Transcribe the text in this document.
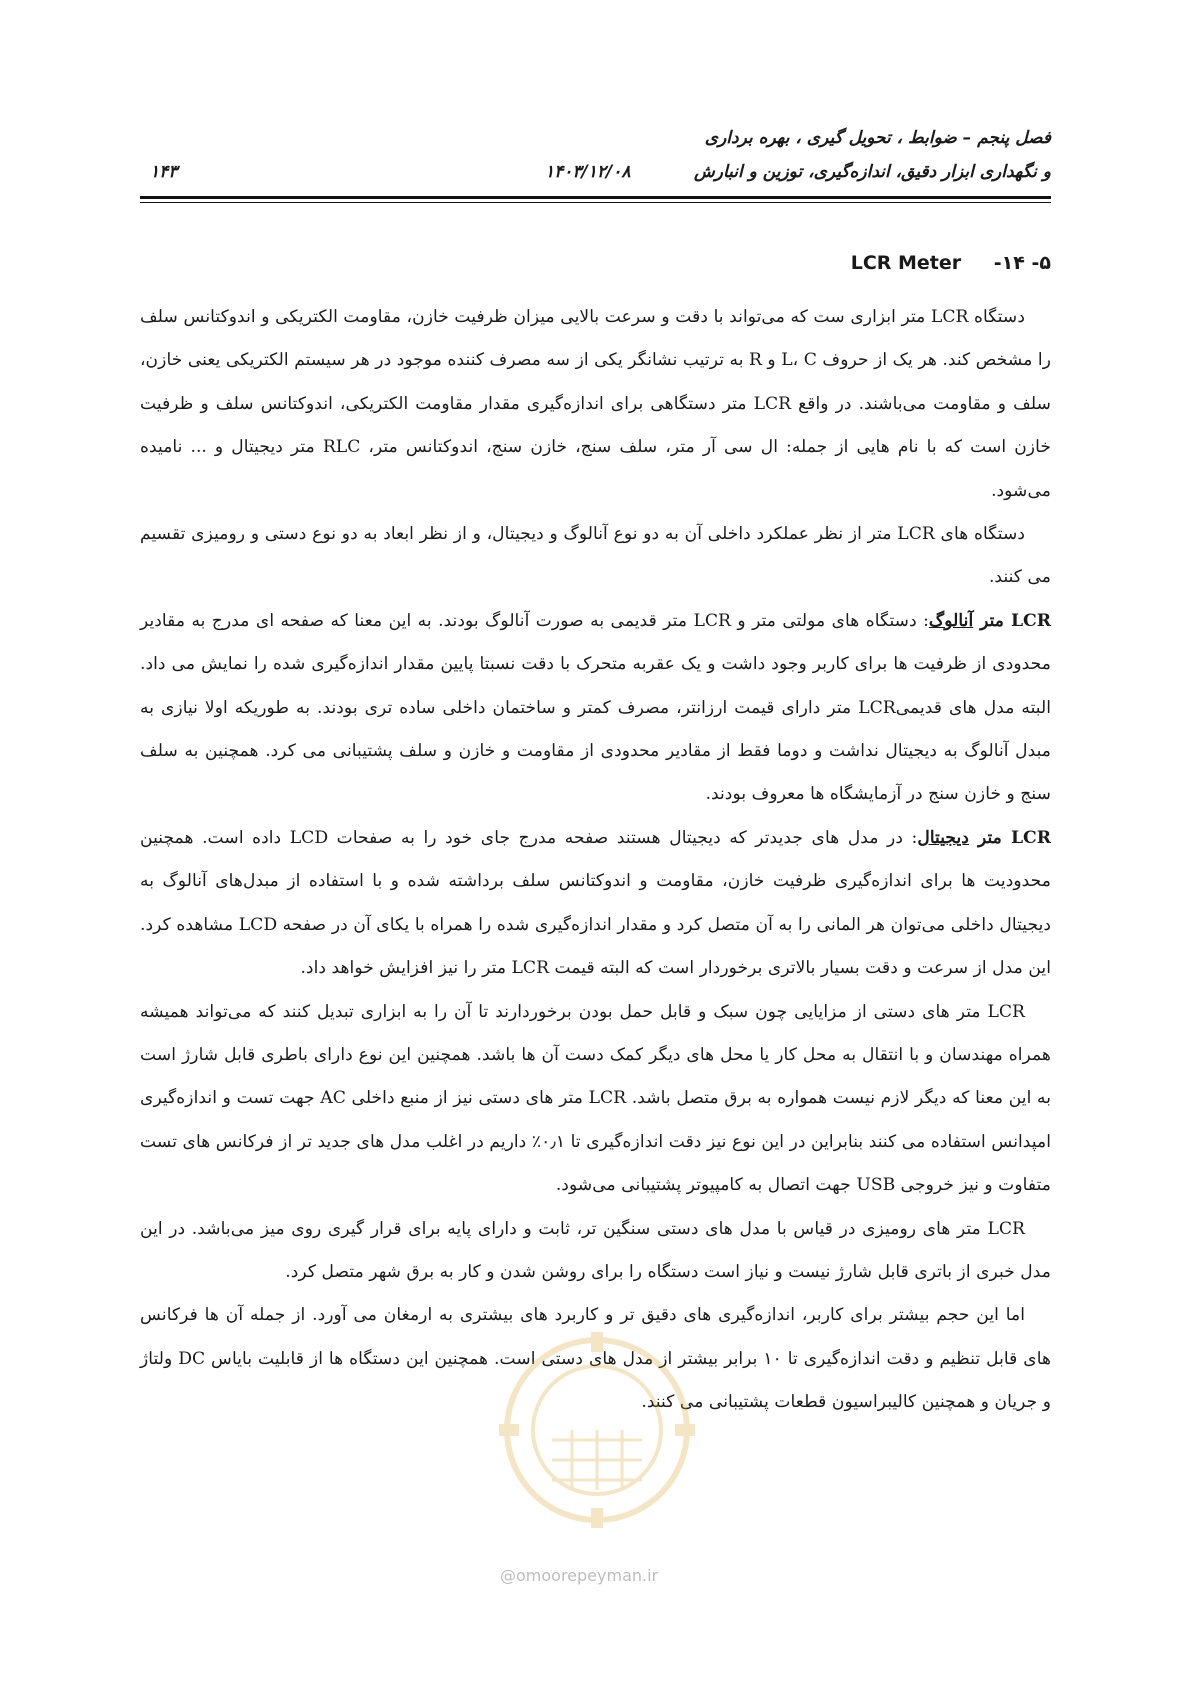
فصل پنجم – ضوابط ، تحویل گیری ، بهره برداری
و نگهداری ابزار دقیق، اندازه‌گیری، توزین و انبارش
۱۴۰۳/۱۲/۰۸
۱۴۳
۵- ۱۴- LCR Meter

دستگاه LCR متر ابزاری ست که می‌تواند با دقت و سرعت بالایی میزان ظرفیت خازن، مقاومت الکتریکی و اندوکتانس سلف را مشخص کند. هر یک از حروف L، C و R به ترتیب نشانگر یکی از سه مصرف کننده موجود در هر سیستم الکتریکی یعنی خازن، سلف و مقاومت می‌باشند. در واقع LCR متر دستگاهی برای اندازه‌گیری مقدار مقاومت الکتریکی، اندوکتانس سلف و ظرفیت خازن است که با نام هایی از جمله: ال سی آر متر، سلف سنج، خازن سنج، اندوکتانس متر، RLC متر دیجیتال و ... نامیده می‌شود.

دستگاه های LCR متر از نظر عملکرد داخلی آن به دو نوع آنالوگ و دیجیتال، و از نظر ابعاد به دو نوع دستی و رومیزی تقسیم می کنند.

LCR متر آنالوگ: دستگاه های مولتی متر و LCR متر قدیمی به صورت آنالوگ بودند. به این معنا که صفحه ای مدرج به مقادیر محدودی از ظرفیت ها برای کاربر وجود داشت و یک عقربه متحرک با دقت نسبتا پایین مقدار اندازه‌گیری شده را نمایش می داد. البته مدل های قدیمیLCR متر دارای قیمت ارزانتر، مصرف کمتر و ساختمان داخلی ساده تری بودند. به طوریکه اولا نیازی به مبدل آنالوگ به دیجیتال نداشت و دوما فقط از مقادیر محدودی از مقاومت و خازن و سلف پشتیبانی می کرد. همچنین به سلف سنج و خازن سنج در آزمایشگاه ها معروف بودند.

LCR متر دیجیتال: در مدل های جدیدتر که دیجیتال هستند صفحه مدرج جای خود را به صفحات LCD داده است. همچنین محدودیت ها برای اندازه‌گیری ظرفیت خازن، مقاومت و اندوکتانس سلف برداشته شده و با استفاده از مبدل‌های آنالوگ به دیجیتال داخلی می‌توان هر المانی را به آن متصل کرد و مقدار اندازه‌گیری شده را همراه با یکای آن در صفحه LCD مشاهده کرد. این مدل از سرعت و دقت بسیار بالاتری برخوردار است که البته قیمت LCR متر را نیز افزایش خواهد داد.

LCR متر های دستی از مزایایی چون سبک و قابل حمل بودن برخوردارند تا آن را به ابزاری تبدیل کنند که می‌تواند همیشه همراه مهندسان و با انتقال به محل کار یا محل های دیگر کمک دست آن ها باشد. همچنین این نوع دارای باطری قابل شارژ است به این معنا که دیگر لازم نیست همواره به برق متصل باشد. LCR متر های دستی نیز از منبع داخلی AC جهت تست و اندازه‌گیری امپدانس استفاده می کنند بنابراین در این نوع نیز دقت اندازه‌گیری تا ۰٫۱٪ داریم در اغلب مدل های جدید تر از فرکانس های تست متفاوت و نیز خروجی USB جهت اتصال به کامپیوتر پشتیبانی می‌شود.

LCR متر های رومیزی در قیاس با مدل های دستی سنگین تر، ثابت و دارای پایه برای قرار گیری روی میز می‌باشد. در این مدل خبری از باتری قابل شارژ نیست و نیاز است دستگاه را برای روشن شدن و کار به برق شهر متصل کرد.

اما این حجم بیشتر برای کاربر، اندازه‌گیری های دقیق تر و کاربرد های بیشتری به ارمغان می آورد. از جمله آن ها فرکانس های قابل تنظیم و دقت اندازه‌گیری تا ۱۰ برابر بیشتر از مدل های دستی است. همچنین این دستگاه ها از قابلیت بایاس DC ولتاژ و جریان و همچنین کالیبراسیون قطعات پشتیبانی می کنند.

@omoorepeyman.ir
